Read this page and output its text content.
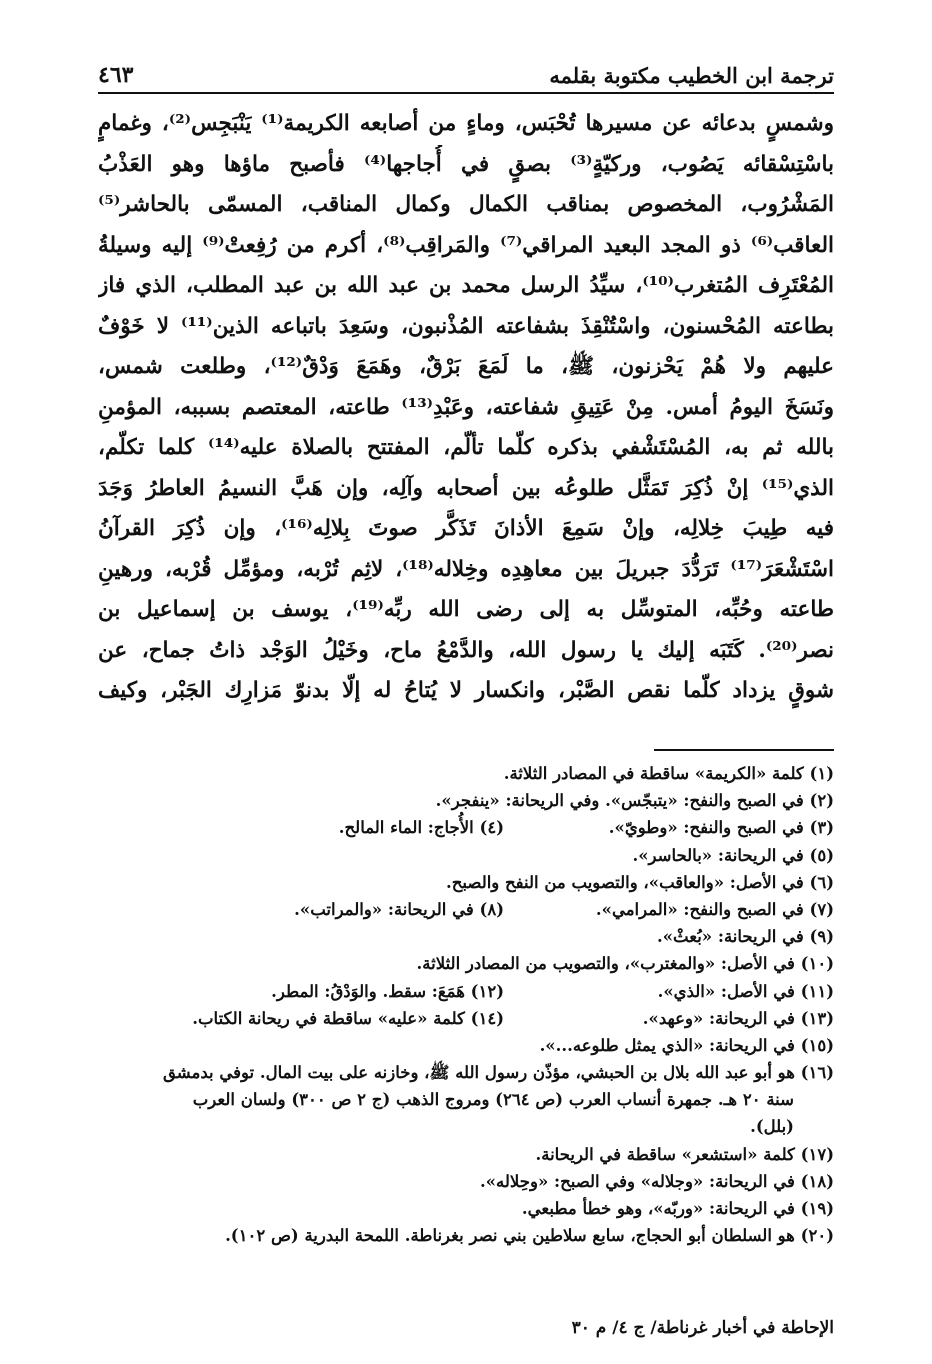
ترجمة ابن الخطيب مكتوبة بقلمه
٤٦٣
وشمسٍ بدعائه عن مسيرها تُحْبَس، وماءٍ من أصابعه الكريمة⁽¹⁾ يَنْبَجِس⁽²⁾، وغمامٍ
باسْتِسْقائه يَصُوب، وركيّةٍ⁽³⁾ بصقٍ في أُجاجها⁽⁴⁾ فأصبح ماؤها وهو العَذْبُ
المَشْرُوب، المخصوص بمناقب الكمال وكمال المناقب، المسمّى بالحاشر⁽⁵⁾
العاقب⁽⁶⁾ ذو المجد البعيد المراقي⁽⁷⁾ والمَراقِب⁽⁸⁾، أكرم من رُفِعتْ⁽⁹⁾ إليه وسيلةُ
المُعْتَرِف المُتغرب⁽¹⁰⁾، سيِّدُ الرسل محمد بن عبد الله بن عبد المطلب، الذي فاز
بطاعته المُحْسنون، واسْتُنْقِذَ بشفاعته المُذْنبون، وسَعِدَ باتباعه الذين⁽¹¹⁾ لا خَوْفٌ
عليهم ولا هُمْ يَحْزنون، ﷺ، ما لَمَعَ بَرْقٌ، وهَمَعَ وَدْقٌ⁽¹²⁾، وطلعت شمس،
ونَسَخَ اليومُ أمس. مِنْ عَتِيقِ شفاعته، وعَبْدِ⁽¹³⁾ طاعته، المعتصم بسببه، المؤمنِ
بالله ثم به، المُسْتَشْفي بذكره كلّما تألّم، المفتتح بالصلاة عليه⁽¹⁴⁾ كلما تكلّم،
الذي⁽¹⁵⁾ إنْ ذُكِرَ تَمَثَّل طلوعُه بين أصحابه وآلِه، وإن هَبَّ النسيمُ العاطرُ وَجَدَ
فيه طِيبَ خِلالِه، وإنْ سَمِعَ الأذانَ تَذَكَّر صوتَ بِلالِه⁽¹⁶⁾، وإن ذُكِرَ القرآنُ
اسْتَشْعَرَ⁽¹⁷⁾ تَرَدُّدَ جبريلَ بين معاهِدِه وخِلاله⁽¹⁸⁾، لاثِم تُرْبه، ومؤمِّل قُرْبه، ورهينِ
طاعته وحُبِّه، المتوسِّل به إلى رضى الله ربِّه⁽¹⁹⁾، يوسف بن إسماعيل بن
نصر⁽²⁰⁾. كَتَبَه إليك يا رسول الله، والدَّمْعُ ماح، وخَيْلُ الوَجْد ذاتُ جماح، عن
شوقٍ يزداد كلّما نقص الصَّبْر، وانكسار لا يُتاحُ له إلّا بدنوّ مَزارِك الجَبْر، وكيف
(١) كلمة «الكريمة» ساقطة في المصادر الثلاثة.
(٢) في الصبح والنفح: «يتبجّس». وفي الريحانة: «ينفجر».
(٣) في الصبح والنفح: «وطويّ».
(٤) الأُجاج: الماء المالح.
(٥) في الريحانة: «بالحاسر».
(٦) في الأصل: «والعاقب»، والتصويب من النفح والصبح.
(٧) في الصبح والنفح: «المرامي».
(٨) في الريحانة: «والمراتب».
(٩) في الريحانة: «بُعثْ».
(١٠) في الأصل: «والمغترب»، والتصويب من المصادر الثلاثة.
(١١) في الأصل: «الذي».
(١٢) هَمَعَ: سقط. والوَدْقُ: المطر.
(١٣) في الريحانة: «وعهد».
(١٤) كلمة «عليه» ساقطة في ريحانة الكتاب.
(١٥) في الريحانة: «الذي يمثل طلوعه...».
(١٦) هو أبو عبد الله بلال بن الحبشي، مؤذّن رسول الله ﷺ، وخازنه على بيت المال. توفي بدمشق
سنة ٢٠ هـ. جمهرة أنساب العرب (ص ٢٦٤) ومروج الذهب (ج ٢ ص ٣٠٠) ولسان العرب
(بلل).
(١٧) كلمة «استشعر» ساقطة في الريحانة.
(١٨) في الريحانة: «وجلاله» وفي الصبح: «وحِلاله».
(١٩) في الريحانة: «وربّه»، وهو خطأ مطبعي.
(٢٠) هو السلطان أبو الحجاج، سابع سلاطين بني نصر بغرناطة. اللمحة البدرية (ص ١٠٢).
الإحاطة في أخبار غرناطة/ ج ٤/ م ٣٠
